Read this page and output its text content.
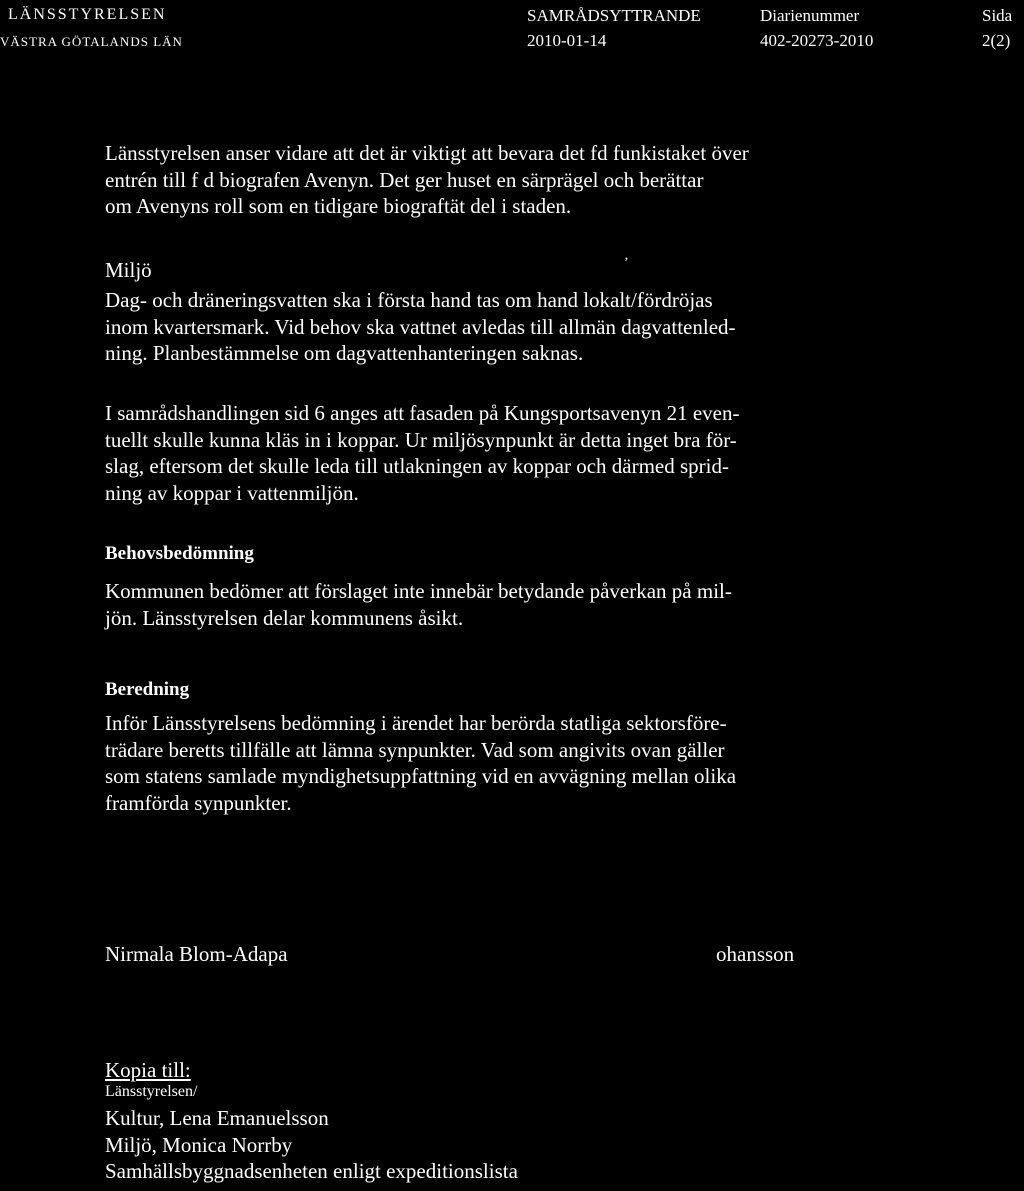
LÄNSSTYRELSEN
VÄSTRA GÖTALANDS LÄN
SAMRÅDSYTTRANDE
2010-01-14
Diarienummer
402-20273-2010
Sida
2(2)
Länsstyrelsen anser vidare att det är viktigt att bevara det fd funkistaket över
entrén till f d biografen Avenyn. Det ger huset en särprägel och berättar
om Avenyns roll som en tidigare biograftät del i staden.
Miljö
‚
Dag- och dräneringsvatten ska i första hand tas om hand lokalt/fördröjas
inom kvartersmark. Vid behov ska vattnet avledas till allmän dagvattenled-
ning. Planbestämmelse om dagvattenhanteringen saknas.
I samrådshandlingen sid 6 anges att fasaden på Kungsportsavenyn 21 even-
tuellt skulle kunna kläs in i koppar. Ur miljösynpunkt är detta inget bra för-
slag, eftersom det skulle leda till utlakningen av koppar och därmed sprid-
ning av koppar i vattenmiljön.
Behovsbedömning
Kommunen bedömer att förslaget inte innebär betydande påverkan på mil-
jön. Länsstyrelsen delar kommunens åsikt.
Beredning
Inför Länsstyrelsens bedömning i ärendet har berörda statliga sektorsföre-
trädare beretts tillfälle att lämna synpunkter. Vad som angivits ovan gäller
som statens samlade myndighetsuppfattning vid en avvägning mellan olika
framförda synpunkter.
Nirmala Blom-Adapa	ohansson
Kopia till:
Länsstyrelsen/
Kultur, Lena Emanuelsson
Miljö, Monica Norrby
Samhällsbyggnadsenheten enligt expeditionslista
